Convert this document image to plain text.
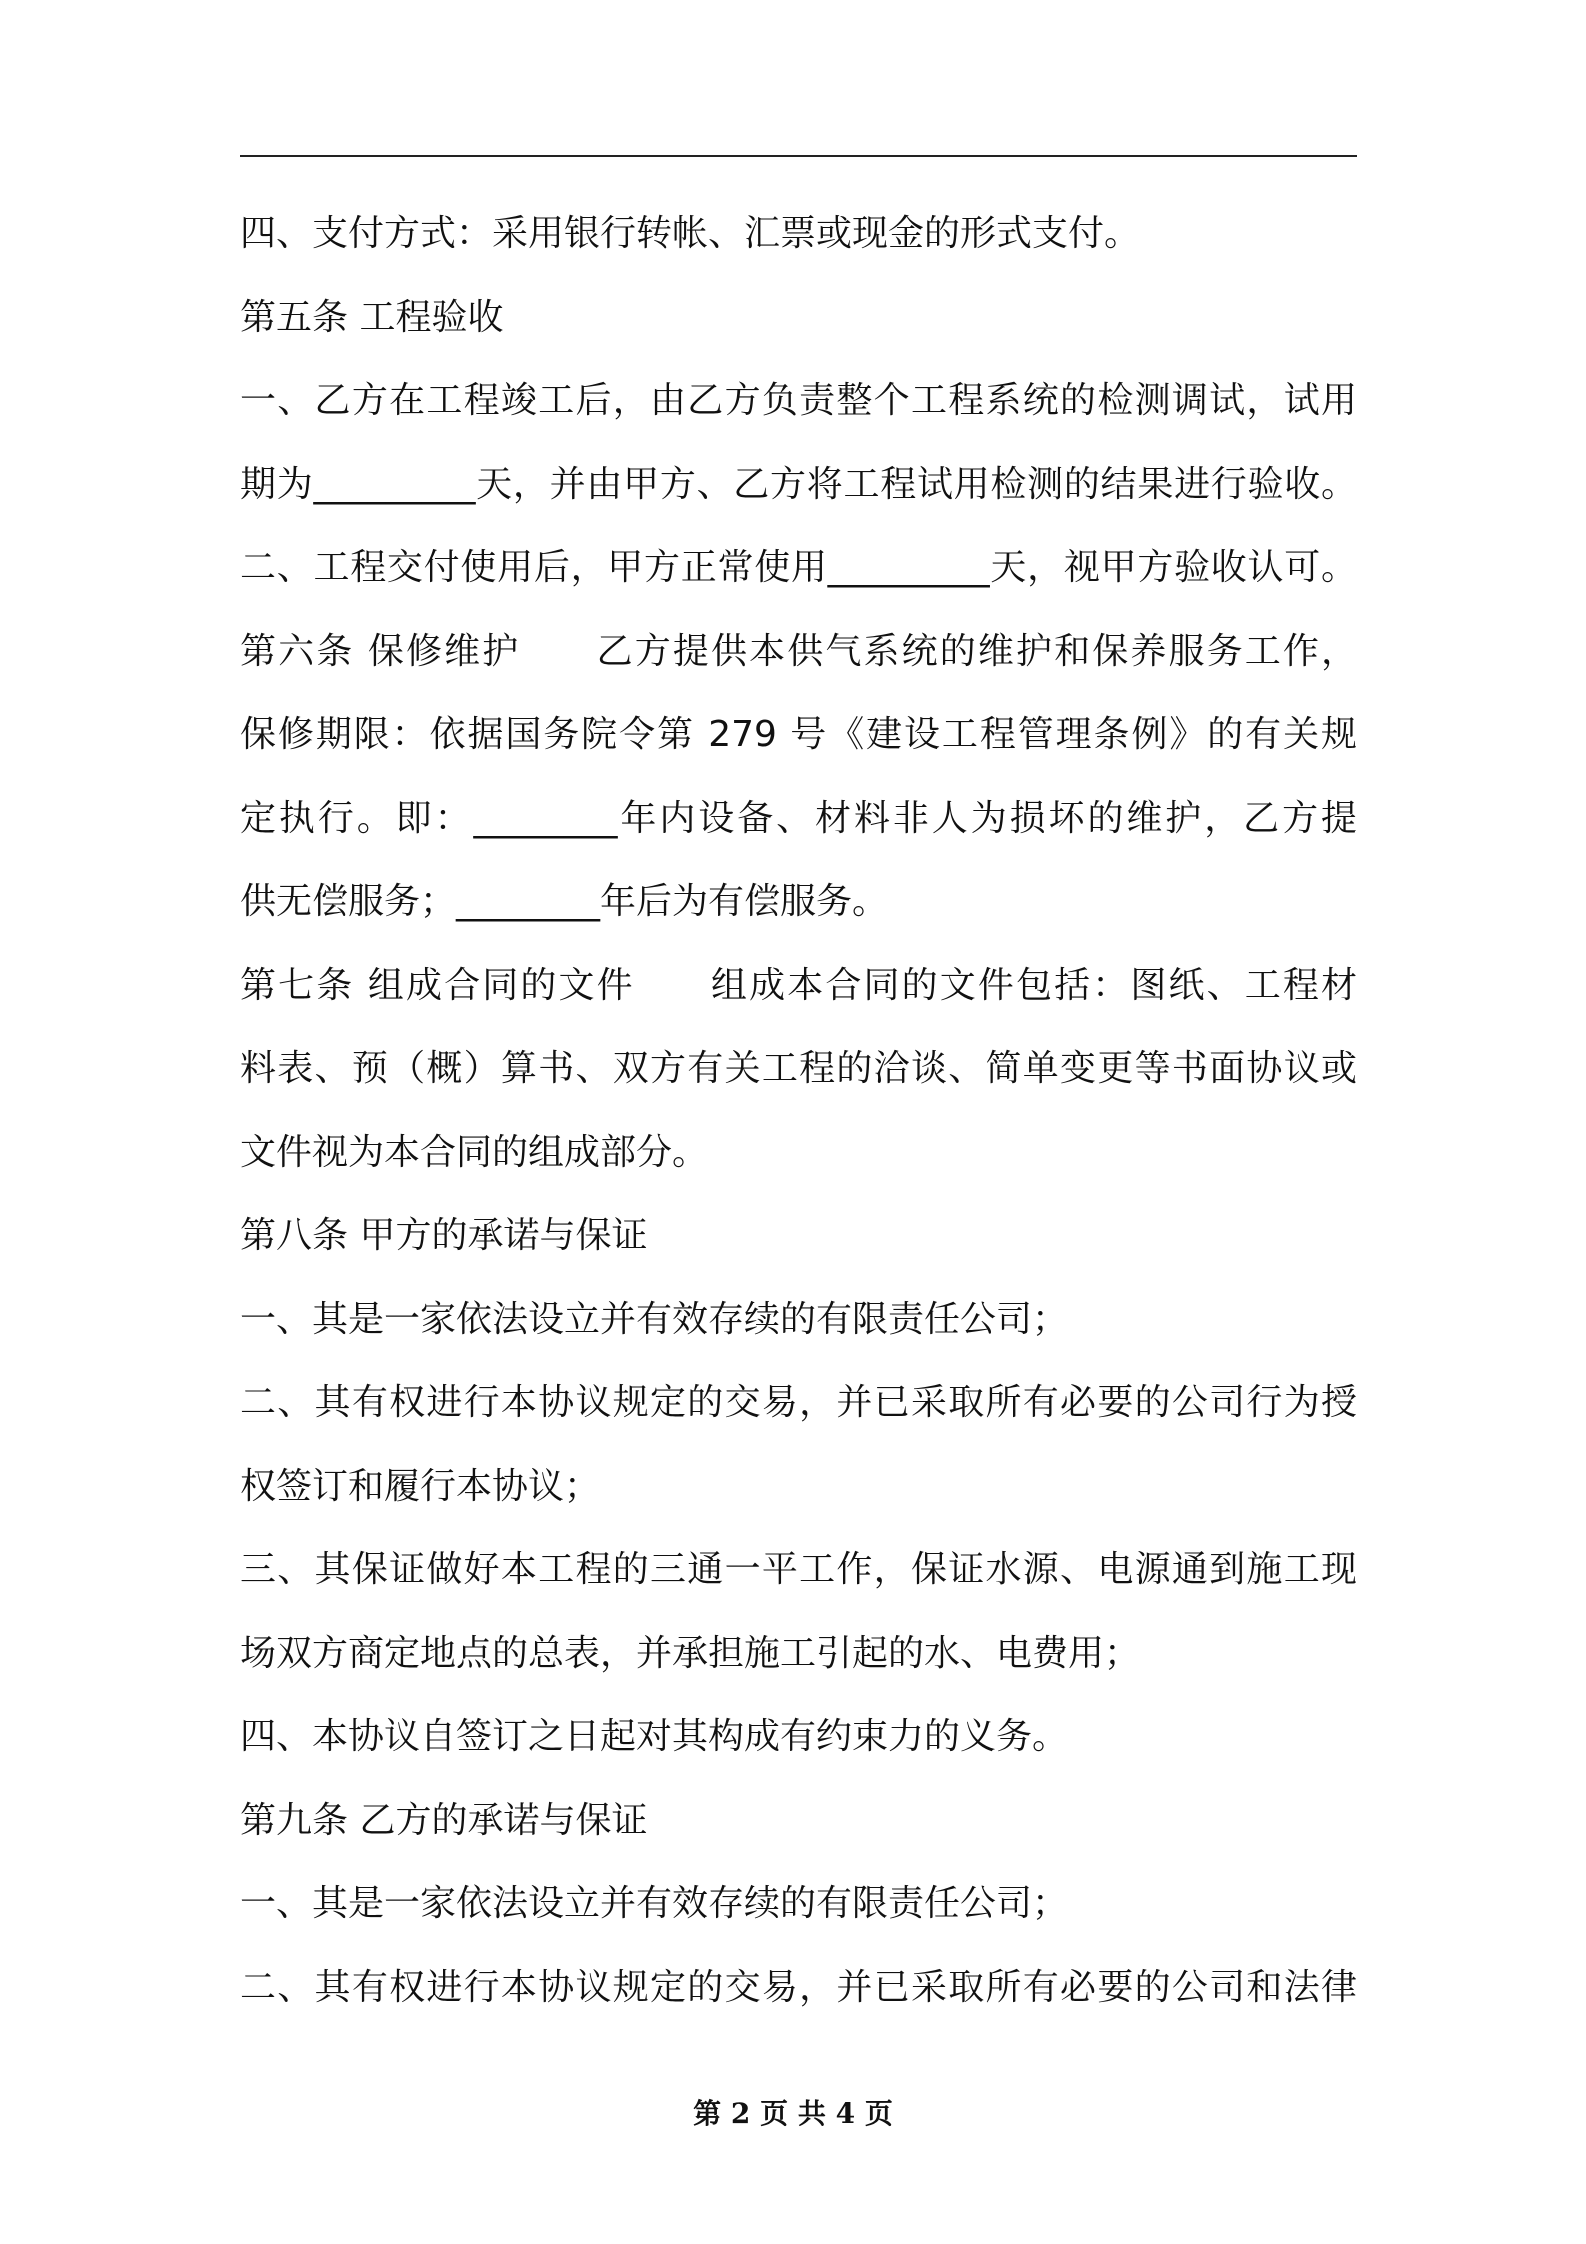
四、支付方式：采用银行转帐、汇票或现金的形式支付。
第五条 工程验收
一、乙方在工程竣工后，由乙方负责整个工程系统的检测调试，试用
期为_________天，并由甲方、乙方将工程试用检测的结果进行验收。
二、工程交付使用后，甲方正常使用_________天，视甲方验收认可。
第六条 保修维护　　乙方提供本供气系统的维护和保养服务工作，
保修期限：依据国务院令第 279 号《建设工程管理条例》的有关规
定执行。即：________年内设备、材料非人为损坏的维护，乙方提
供无偿服务；________年后为有偿服务。
第七条 组成合同的文件　　组成本合同的文件包括：图纸、工程材
料表、预（概）算书、双方有关工程的洽谈、简单变更等书面协议或
文件视为本合同的组成部分。
第八条 甲方的承诺与保证
一、其是一家依法设立并有效存续的有限责任公司；
二、其有权进行本协议规定的交易，并已采取所有必要的公司行为授
权签订和履行本协议；
三、其保证做好本工程的三通一平工作，保证水源、电源通到施工现
场双方商定地点的总表，并承担施工引起的水、电费用；
四、本协议自签订之日起对其构成有约束力的义务。
第九条 乙方的承诺与保证
一、其是一家依法设立并有效存续的有限责任公司；
二、其有权进行本协议规定的交易，并已采取所有必要的公司和法律
第 2 页 共 4 页
